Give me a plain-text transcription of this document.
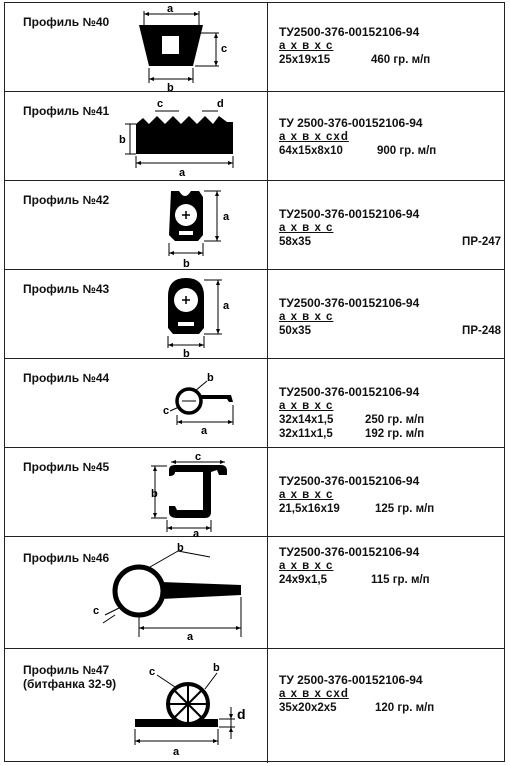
Профиль №40
a
c
b
ТУ2500-376-00152106-94
а х в х с
25х19х15	460 гр. м/п
Профиль №41	c	d
b
a
ТУ 2500-376-00152106-94
а х в х сxd
64х15х8х10	900 гр. м/п
Профиль №42
a
b
ТУ2500-376-00152106-94
а х в х с
58х35	ПР-247
Профиль №43
a
b
ТУ2500-376-00152106-94
а х в х с
50х35	ПР-248
Профиль №44	b
c
a
ТУ2500-376-00152106-94
а х в х с
32х14х1,5	250 гр. м/п
32х11х1,5	192 гр. м/п
Профиль №45
c
b
a
ТУ2500-376-00152106-94
а х в х с
21,5х16х19	125 гр. м/п
Профиль №46
b
c
a
ТУ2500-376-00152106-94
а х в х с
24х9х1,5	115 гр. м/п
Профиль №47
(битфанка 32-9)
c	b
d
a
ТУ 2500-376-00152106-94
а х в х сxd
35х20х2х5	120 гр. м/п
